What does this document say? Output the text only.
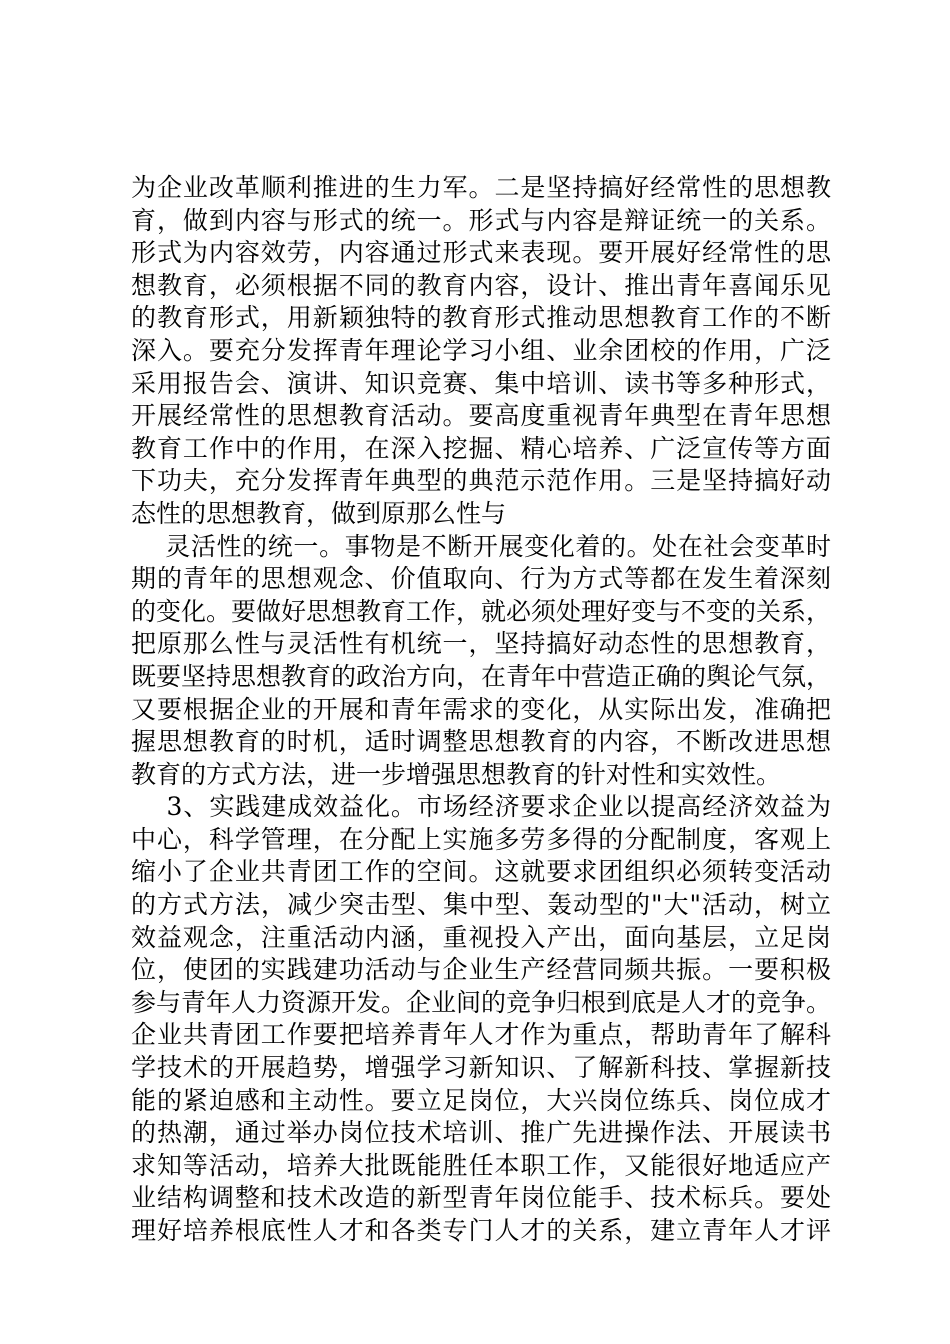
为企业改革顺利推进的生力军。二是坚持搞好经常性的思想教
育，做到内容与形式的统一。形式与内容是辩证统一的关系。
形式为内容效劳，内容通过形式来表现。要开展好经常性的思
想教育，必须根据不同的教育内容，设计、推出青年喜闻乐见
的教育形式，用新颖独特的教育形式推动思想教育工作的不断
深入。要充分发挥青年理论学习小组、业余团校的作用，广泛
采用报告会、演讲、知识竞赛、集中培训、读书等多种形式，
开展经常性的思想教育活动。要高度重视青年典型在青年思想
教育工作中的作用，在深入挖掘、精心培养、广泛宣传等方面
下功夫，充分发挥青年典型的典范示范作用。三是坚持搞好动
态性的思想教育，做到原那么性与
灵活性的统一。事物是不断开展变化着的。处在社会变革时
期的青年的思想观念、价值取向、行为方式等都在发生着深刻
的变化。要做好思想教育工作，就必须处理好变与不变的关系，
把原那么性与灵活性有机统一，坚持搞好动态性的思想教育，
既要坚持思想教育的政治方向，在青年中营造正确的舆论气氛，
又要根据企业的开展和青年需求的变化，从实际出发，准确把
握思想教育的时机，适时调整思想教育的内容，不断改进思想
教育的方式方法，进一步增强思想教育的针对性和实效性。
3、实践建成效益化。市场经济要求企业以提高经济效益为
中心，科学管理，在分配上实施多劳多得的分配制度，客观上
缩小了企业共青团工作的空间。这就要求团组织必须转变活动
的方式方法，减少突击型、集中型、轰动型的"大"活动，树立
效益观念，注重活动内涵，重视投入产出，面向基层，立足岗
位，使团的实践建功活动与企业生产经营同频共振。一要积极
参与青年人力资源开发。企业间的竞争归根到底是人才的竞争。
企业共青团工作要把培养青年人才作为重点，帮助青年了解科
学技术的开展趋势，增强学习新知识、了解新科技、掌握新技
能的紧迫感和主动性。要立足岗位，大兴岗位练兵、岗位成才
的热潮，通过举办岗位技术培训、推广先进操作法、开展读书
求知等活动，培养大批既能胜任本职工作，又能很好地适应产
业结构调整和技术改造的新型青年岗位能手、技术标兵。要处
理好培养根底性人才和各类专门人才的关系，建立青年人才评
